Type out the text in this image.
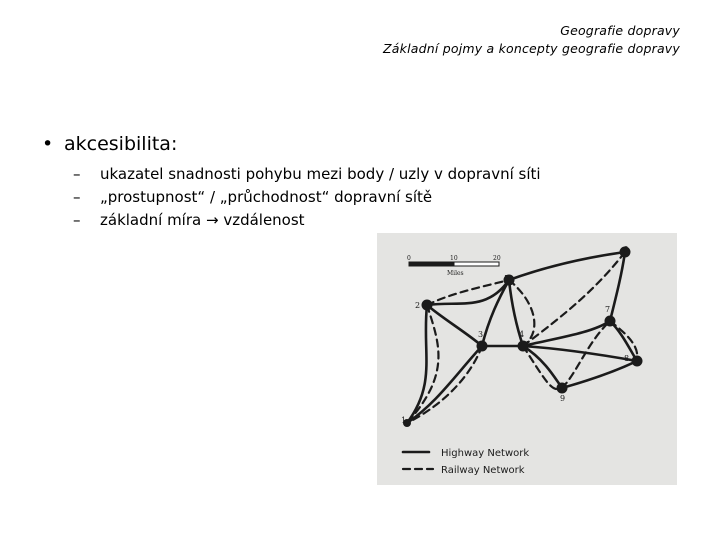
Geografie dopravy
Základní pojmy a koncepty geografie dopravy
• akcesibilita:
– ukazatel snadnosti pohybu mezi body / uzly v dopravní síti
– „prostupnost“ / „průchodnost“ dopravní sítě
– základní míra → vzdálenost
1
2
3	4
5
6
7
8
9
0	10	20
Miles
Highway Network
Railway Network
